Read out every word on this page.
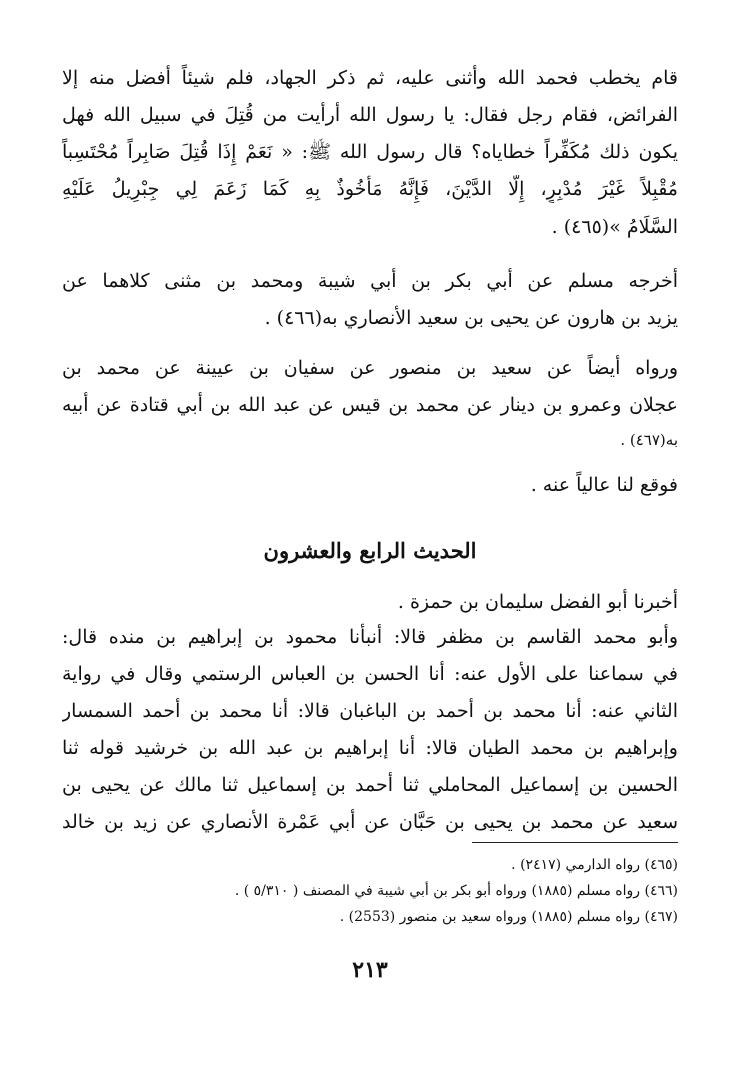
قام يخطب فحمد الله وأثنى عليه، ثم ذكر الجهاد، فلم شيئاً أفضل منه إلا
الفرائض، فقام رجل فقال: يا رسول الله أرأيت من قُتِلَ في سبيل الله فهل
يكون ذلك مُكَفِّراً خطاياه؟ قال رسول الله ﷺ: « نَعَمْ إِذَا قُتِلَ صَابِراً مُحْتَسِباً
مُقْبِلاً غَيْرَ مُدْبِرٍ، إِلَّا الدَّيْنَ، فَإِنَّهُ مَأْخُوذٌ بِهِ كَمَا زَعَمَ لِي جِبْرِيلُ عَلَيْهِ
السَّلَامُ »(٤٦٥) .
أخرجه مسلم عن أبي بكر بن أبي شيبة ومحمد بن مثنى كلاهما عن
يزيد بن هارون عن يحيى بن سعيد الأنصاري به(٤٦٦) .
ورواه أيضاً عن سعيد بن منصور عن سفيان بن عيينة عن محمد بن
عجلان وعمرو بن دينار عن محمد بن قيس عن عبد الله بن أبي قتادة عن أبيه
به(٤٦٧) .
فوقع لنا عالياً عنه .
الحديث الرابع والعشرون
أخبرنا أبو الفضل سليمان بن حمزة .
وأبو محمد القاسم بن مظفر قالا: أنبأنا محمود بن إبراهيم بن منده قال:
في سماعنا على الأول عنه: أنا الحسن بن العباس الرستمي وقال في رواية
الثاني عنه: أنا محمد بن أحمد بن الباغبان قالا: أنا محمد بن أحمد السمسار
وإبراهيم بن محمد الطيان قالا: أنا إبراهيم بن عبد الله بن خرشيد قوله ثنا
الحسين بن إسماعيل المحاملي ثنا أحمد بن إسماعيل ثنا مالك عن يحيى بن
سعيد عن محمد بن يحيى بن حَبَّان عن أبي عَمْرة الأنصاري عن زيد بن خالد
(٤٦٥) رواه الدارمي (٢٤١٧) .
(٤٦٦) رواه مسلم (١٨٨٥) ورواه أبو بكر بن أبي شيبة في المصنف ( ٥/٣١٠ ) .
(٤٦٧) رواه مسلم (١٨٨٥) ورواه سعيد بن منصور (2553) .
٢١٣
